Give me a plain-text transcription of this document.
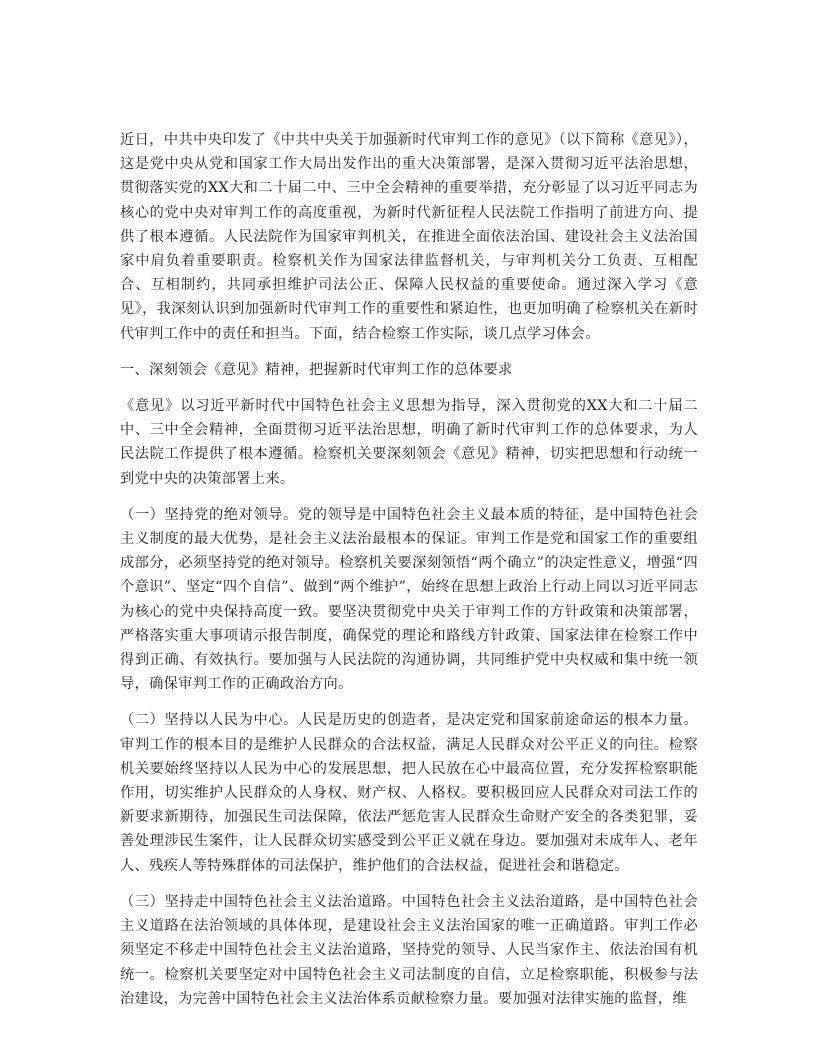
近日，中共中央印发了《中共中央关于加强新时代审判工作的意见》（以下简称《意见》），这是党中央从党和国家工作大局出发作出的重大决策部署，是深入贯彻习近平法治思想，贯彻落实党的XX大和二十届二中、三中全会精神的重要举措，充分彰显了以习近平同志为核心的党中央对审判工作的高度重视，为新时代新征程人民法院工作指明了前进方向、提供了根本遵循。人民法院作为国家审判机关，在推进全面依法治国、建设社会主义法治国家中肩负着重要职责。检察机关作为国家法律监督机关，与审判机关分工负责、互相配合、互相制约，共同承担维护司法公正、保障人民权益的重要使命。通过深入学习《意见》，我深刻认识到加强新时代审判工作的重要性和紧迫性，也更加明确了检察机关在新时代审判工作中的责任和担当。下面，结合检察工作实际，谈几点学习体会。

一、深刻领会《意见》精神，把握新时代审判工作的总体要求

《意见》以习近平新时代中国特色社会主义思想为指导，深入贯彻党的XX大和二十届二中、三中全会精神，全面贯彻习近平法治思想，明确了新时代审判工作的总体要求，为人民法院工作提供了根本遵循。检察机关要深刻领会《意见》精神，切实把思想和行动统一到党中央的决策部署上来。

（一）坚持党的绝对领导。党的领导是中国特色社会主义最本质的特征，是中国特色社会主义制度的最大优势，是社会主义法治最根本的保证。审判工作是党和国家工作的重要组成部分，必须坚持党的绝对领导。检察机关要深刻领悟“两个确立”的决定性意义，增强“四个意识”、坚定“四个自信”、做到“两个维护”，始终在思想上政治上行动上同以习近平同志为核心的党中央保持高度一致。要坚决贯彻党中央关于审判工作的方针政策和决策部署，严格落实重大事项请示报告制度，确保党的理论和路线方针政策、国家法律在检察工作中得到正确、有效执行。要加强与人民法院的沟通协调，共同维护党中央权威和集中统一领导，确保审判工作的正确政治方向。

（二）坚持以人民为中心。人民是历史的创造者，是决定党和国家前途命运的根本力量。审判工作的根本目的是维护人民群众的合法权益，满足人民群众对公平正义的向往。检察机关要始终坚持以人民为中心的发展思想，把人民放在心中最高位置，充分发挥检察职能作用，切实维护人民群众的人身权、财产权、人格权。要积极回应人民群众对司法工作的新要求新期待，加强民生司法保障，依法严惩危害人民群众生命财产安全的各类犯罪，妥善处理涉民生案件，让人民群众切实感受到公平正义就在身边。要加强对未成年人、老年人、残疾人等特殊群体的司法保护，维护他们的合法权益，促进社会和谐稳定。

（三）坚持走中国特色社会主义法治道路。中国特色社会主义法治道路，是中国特色社会主义道路在法治领域的具体体现，是建设社会主义法治国家的唯一正确道路。审判工作必须坚定不移走中国特色社会主义法治道路，坚持党的领导、人民当家作主、依法治国有机统一。检察机关要坚定对中国特色社会主义司法制度的自信，立足检察职能，积极参与法治建设，为完善中国特色社会主义法治体系贡献检察力量。要加强对法律实施的监督，维
